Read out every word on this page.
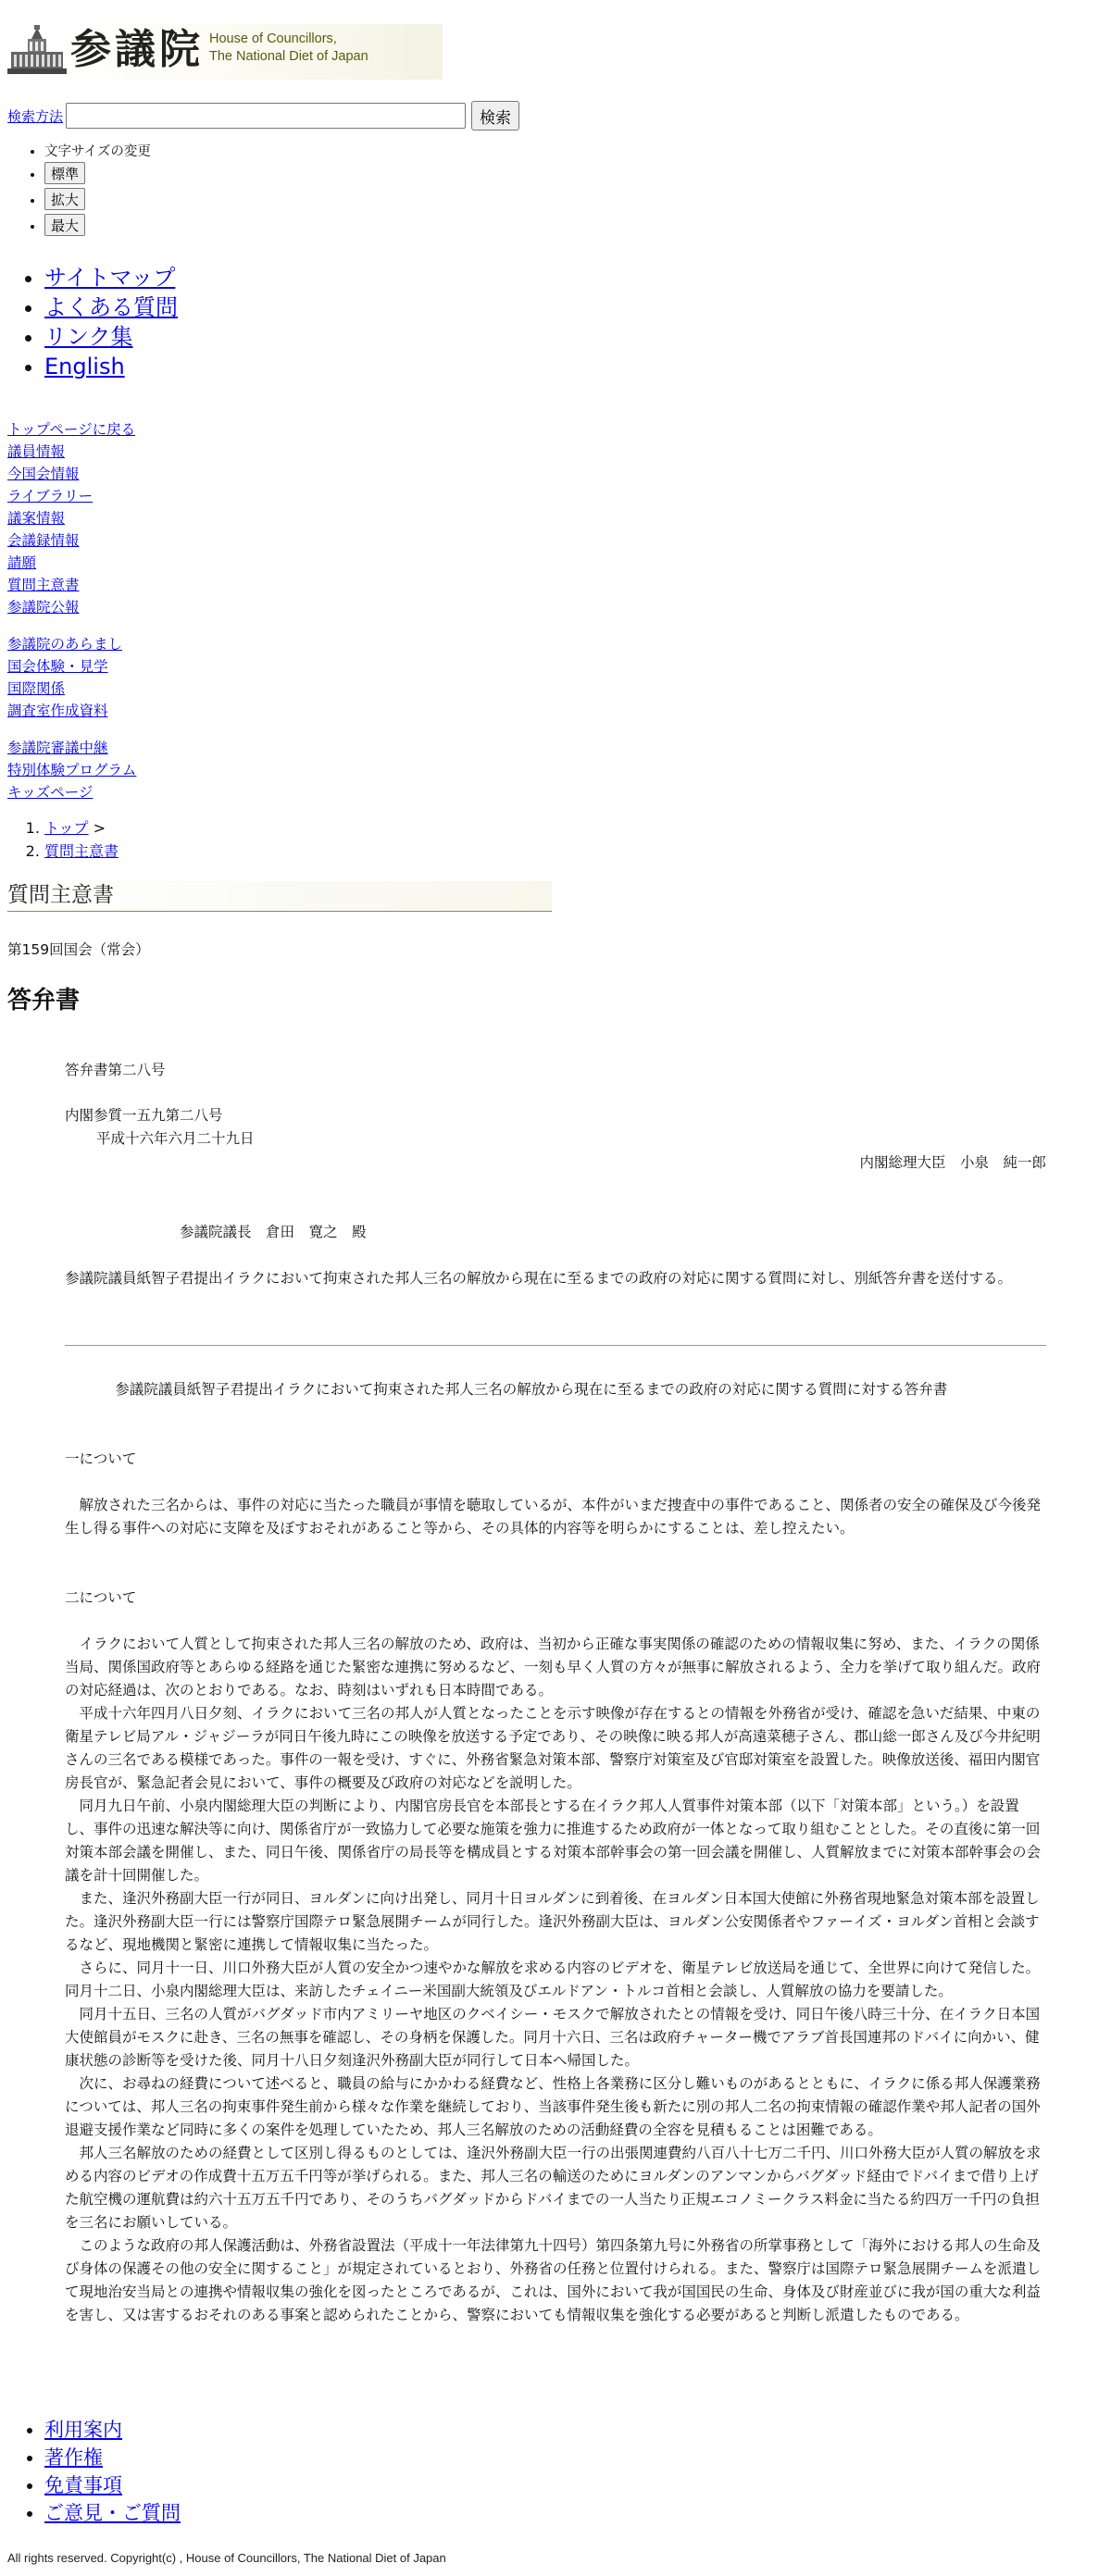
参議院 House of Councillors,
The National Diet of Japan
検索方法	検索
• 文字サイズの変更
• 標準
• 拡大
• 最大
• サイトマップ
• よくある質問
• リンク集
• English
トップページに戻る
議員情報
今国会情報
ライブラリー
議案情報
会議録情報
請願
質問主意書
参議院公報
参議院のあらまし
国会体験・見学
国際関係
調査室作成資料
参議院審議中継
特別体験プログラム
キッズページ
1. トップ >
2. 質問主意書
質問主意書
第159回国会（常会）
答弁書
答弁書第二八号
内閣参質一五九第二八号
平成十六年六月二十九日
内閣総理大臣　小泉　純一郎
参議院議長　倉田　寛之　殿
参議院議員紙智子君提出イラクにおいて拘束された邦人三名の解放から現在に至るまでの政府の対応に関する質問に対し、別紙答弁書を送付する。

参議院議員紙智子君提出イラクにおいて拘束された邦人三名の解放から現在に至るまでの政府の対応に関する質問に対する答弁書

一について

解放された三名からは、事件の対応に当たった職員が事情を聴取しているが、本件がいまだ捜査中の事件であること、関係者の安全の確保及び今後発生し得る事件への対応に支障を及ぼすおそれがあること等から、その具体的内容等を明らかにすることは、差し控えたい。

二について

イラクにおいて人質として拘束された邦人三名の解放のため、政府は、当初から正確な事実関係の確認のための情報収集に努め、また、イラクの関係当局、関係国政府等とあらゆる経路を通じた緊密な連携に努めるなど、一刻も早く人質の方々が無事に解放されるよう、全力を挙げて取り組んだ。政府の対応経過は、次のとおりである。なお、時刻はいずれも日本時間である。

平成十六年四月八日夕刻、イラクにおいて三名の邦人が人質となったことを示す映像が存在するとの情報を外務省が受け、確認を急いだ結果、中東の衛星テレビ局アル・ジャジーラが同日午後九時にこの映像を放送する予定であり、その映像に映る邦人が高遠菜穂子さん、郡山総一郎さん及び今井紀明さんの三名である模様であった。事件の一報を受け、すぐに、外務省緊急対策本部、警察庁対策室及び官邸対策室を設置した。映像放送後、福田内閣官房長官が、緊急記者会見において、事件の概要及び政府の対応などを説明した。

同月九日午前、小泉内閣総理大臣の判断により、内閣官房長官を本部長とする在イラク邦人人質事件対策本部（以下「対策本部」という。）を設置し、事件の迅速な解決等に向け、関係省庁が一致協力して必要な施策を強力に推進するため政府が一体となって取り組むこととした。その直後に第一回対策本部会議を開催し、また、同日午後、関係省庁の局長等を構成員とする対策本部幹事会の第一回会議を開催し、人質解放までに対策本部幹事会の会議を計十回開催した。

また、逢沢外務副大臣一行が同日、ヨルダンに向け出発し、同月十日ヨルダンに到着後、在ヨルダン日本国大使館に外務省現地緊急対策本部を設置した。逢沢外務副大臣一行には警察庁国際テロ緊急展開チームが同行した。逢沢外務副大臣は、ヨルダン公安関係者やファーイズ・ヨルダン首相と会談するなど、現地機関と緊密に連携して情報収集に当たった。

さらに、同月十一日、川口外務大臣が人質の安全かつ速やかな解放を求める内容のビデオを、衛星テレビ放送局を通じて、全世界に向けて発信した。同月十二日、小泉内閣総理大臣は、来訪したチェイニー米国副大統領及びエルドアン・トルコ首相と会談し、人質解放の協力を要請した。

同月十五日、三名の人質がバグダッド市内アミリーヤ地区のクベイシー・モスクで解放されたとの情報を受け、同日午後八時三十分、在イラク日本国大使館員がモスクに赴き、三名の無事を確認し、その身柄を保護した。同月十六日、三名は政府チャーター機でアラブ首長国連邦のドバイに向かい、健康状態の診断等を受けた後、同月十八日夕刻逢沢外務副大臣が同行して日本へ帰国した。

次に、お尋ねの経費について述べると、職員の給与にかかわる経費など、性格上各業務に区分し難いものがあるとともに、イラクに係る邦人保護業務については、邦人三名の拘束事件発生前から様々な作業を継続しており、当該事件発生後も新たに別の邦人二名の拘束情報の確認作業や邦人記者の国外退避支援作業など同時に多くの案件を処理していたため、邦人三名解放のための活動経費の全容を見積もることは困難である。

邦人三名解放のための経費として区別し得るものとしては、逢沢外務副大臣一行の出張関連費約八百八十七万二千円、川口外務大臣が人質の解放を求める内容のビデオの作成費十五万五千円等が挙げられる。また、邦人三名の輸送のためにヨルダンのアンマンからバグダッド経由でドバイまで借り上げた航空機の運航費は約六十五万五千円であり、そのうちバグダッドからドバイまでの一人当たり正規エコノミークラス料金に当たる約四万一千円の負担を三名にお願いしている。

このような政府の邦人保護活動は、外務省設置法（平成十一年法律第九十四号）第四条第九号に外務省の所掌事務として「海外における邦人の生命及び身体の保護その他の安全に関すること」が規定されているとおり、外務省の任務と位置付けられる。また、警察庁は国際テロ緊急展開チームを派遣して現地治安当局との連携や情報収集の強化を図ったところであるが、これは、国外において我が国国民の生命、身体及び財産並びに我が国の重大な利益を害し、又は害するおそれのある事案と認められたことから、警察においても情報収集を強化する必要があると判断し派遣したものである。

• 利用案内
• 著作権
• 免責事項
• ご意見・ご質問
All rights reserved. Copyright(c) , House of Councillors, The National Diet of Japan
